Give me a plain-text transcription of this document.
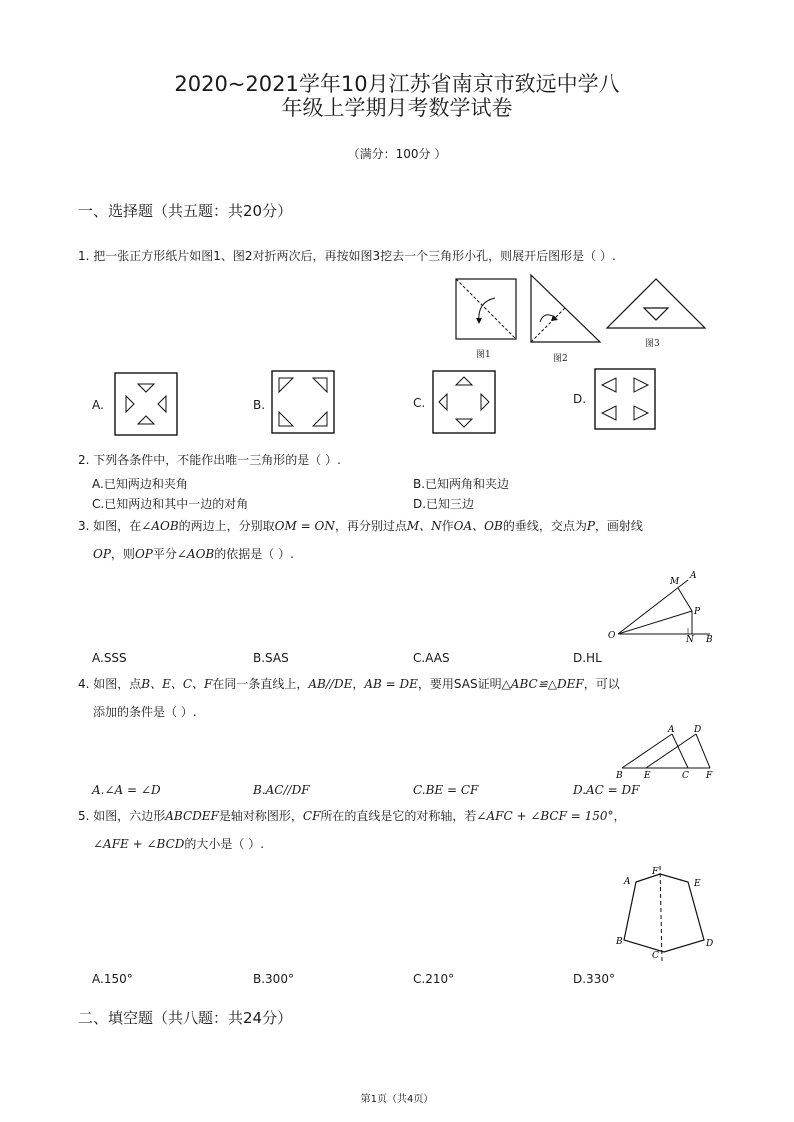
2020~2021学年10月江苏省南京市致远中学八
年级上学期月考数学试卷
（满分：100分 ）
一、选择题（共五题：共20分）
1. 把一张正方形纸片如图1、图2对折两次后，再按如图3挖去一个三角形小孔，则展开后图形是（ ）.
图1	图2
图3
A.	B.	C.	D.
2. 下列各条件中，不能作出唯一三角形的是（ ）.
A.已知两边和夹角	B.已知两角和夹边
C.已知两边和其中一边的对角	D.已知三边
3. 如图，在∠AOB的两边上，分别取OM = ON，再分别过点M、N作OA、OB的垂线，交点为P，画射线
OP，则OP平分∠AOB的依据是（ ）.
O
M
A
P
N B
A.SSS	B.SAS	C.AAS	D.HL
4. 如图，点B、E、C、F在同一条直线上，AB//DE，AB = DE，要用SAS证明△ABC≌△DEF，可以
添加的条件是（ ）.
A D
B E	C F
A.∠A = ∠D	B.AC//DF	C.BE = CF	D.AC = DF
5. 如图，六边形ABCDEF是轴对称图形，CF所在的直线是它的对称轴，若∠AFC + ∠BCF = 150°，
∠AFE + ∠BCD的大小是（ ）.
A
F
E
B
C
D
A.150°	B.300°	C.210°	D.330°
二、填空题（共八题：共24分）
第1页（共4页）
